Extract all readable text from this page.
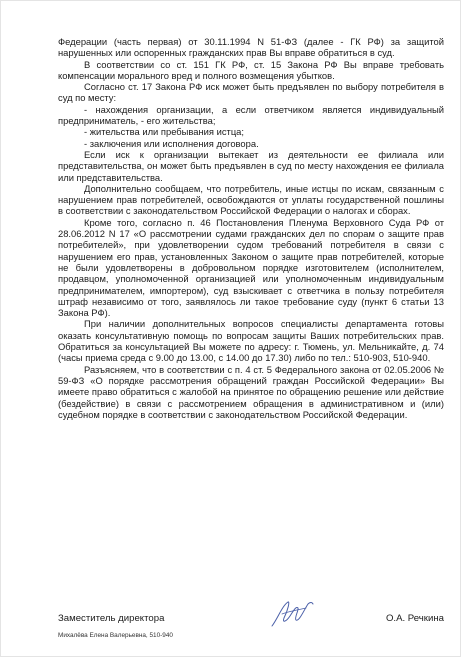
Федерации (часть первая) от 30.11.1994 N 51-ФЗ (далее - ГК РФ) за защитой нарушенных или оспоренных гражданских прав Вы вправе обратиться в суд.

В соответствии со ст. 151 ГК РФ, ст. 15 Закона РФ Вы вправе требовать компенсации морального вред и полного возмещения убытков.

Согласно ст. 17 Закона РФ иск может быть предъявлен по выбору потребителя в суд по месту:

- нахождения организации, а если ответчиком является индивидуальный предприниматель, - его жительства;

- жительства или пребывания истца;

- заключения или исполнения договора.

Если иск к организации вытекает из деятельности ее филиала или представительства, он может быть предъявлен в суд по месту нахождения ее филиала или представительства.

Дополнительно сообщаем, что потребитель, иные истцы по искам, связанным с нарушением прав потребителей, освобождаются от уплаты государственной пошлины в соответствии с законодательством Российской Федерации о налогах и сборах.

Кроме того, согласно п. 46 Постановления Пленума Верховного Суда РФ от 28.06.2012 N 17 «О рассмотрении судами гражданских дел по спорам о защите прав потребителей», при удовлетворении судом требований потребителя в связи с нарушением его прав, установленных Законом о защите прав потребителей, которые не были удовлетворены в добровольном порядке изготовителем (исполнителем, продавцом, уполномоченной организацией или уполномоченным индивидуальным предпринимателем, импортером), суд взыскивает с ответчика в пользу потребителя штраф независимо от того, заявлялось ли такое требование суду (пункт 6 статьи 13 Закона РФ).

При наличии дополнительных вопросов специалисты департамента готовы оказать консультативную помощь по вопросам защиты Ваших потребительских прав. Обратиться за консультацией Вы можете по адресу: г. Тюмень, ул. Мельникайте, д. 74 (часы приема среда с 9.00 до 13.00, с 14.00 до 17.30) либо по тел.: 510-903, 510-940.

Разъясняем, что в соответствии с п. 4 ст. 5 Федерального закона от 02.05.2006 № 59-ФЗ «О порядке рассмотрения обращений граждан Российской Федерации» Вы имеете право обратиться с жалобой на принятое по обращению решение или действие (бездействие) в связи с рассмотрением обращения в административном и (или) судебном порядке в соответствии с законодательством Российской Федерации.

Заместитель директора	О.А. Речкина
Михалёва Елена Валерьевна, 510-940
